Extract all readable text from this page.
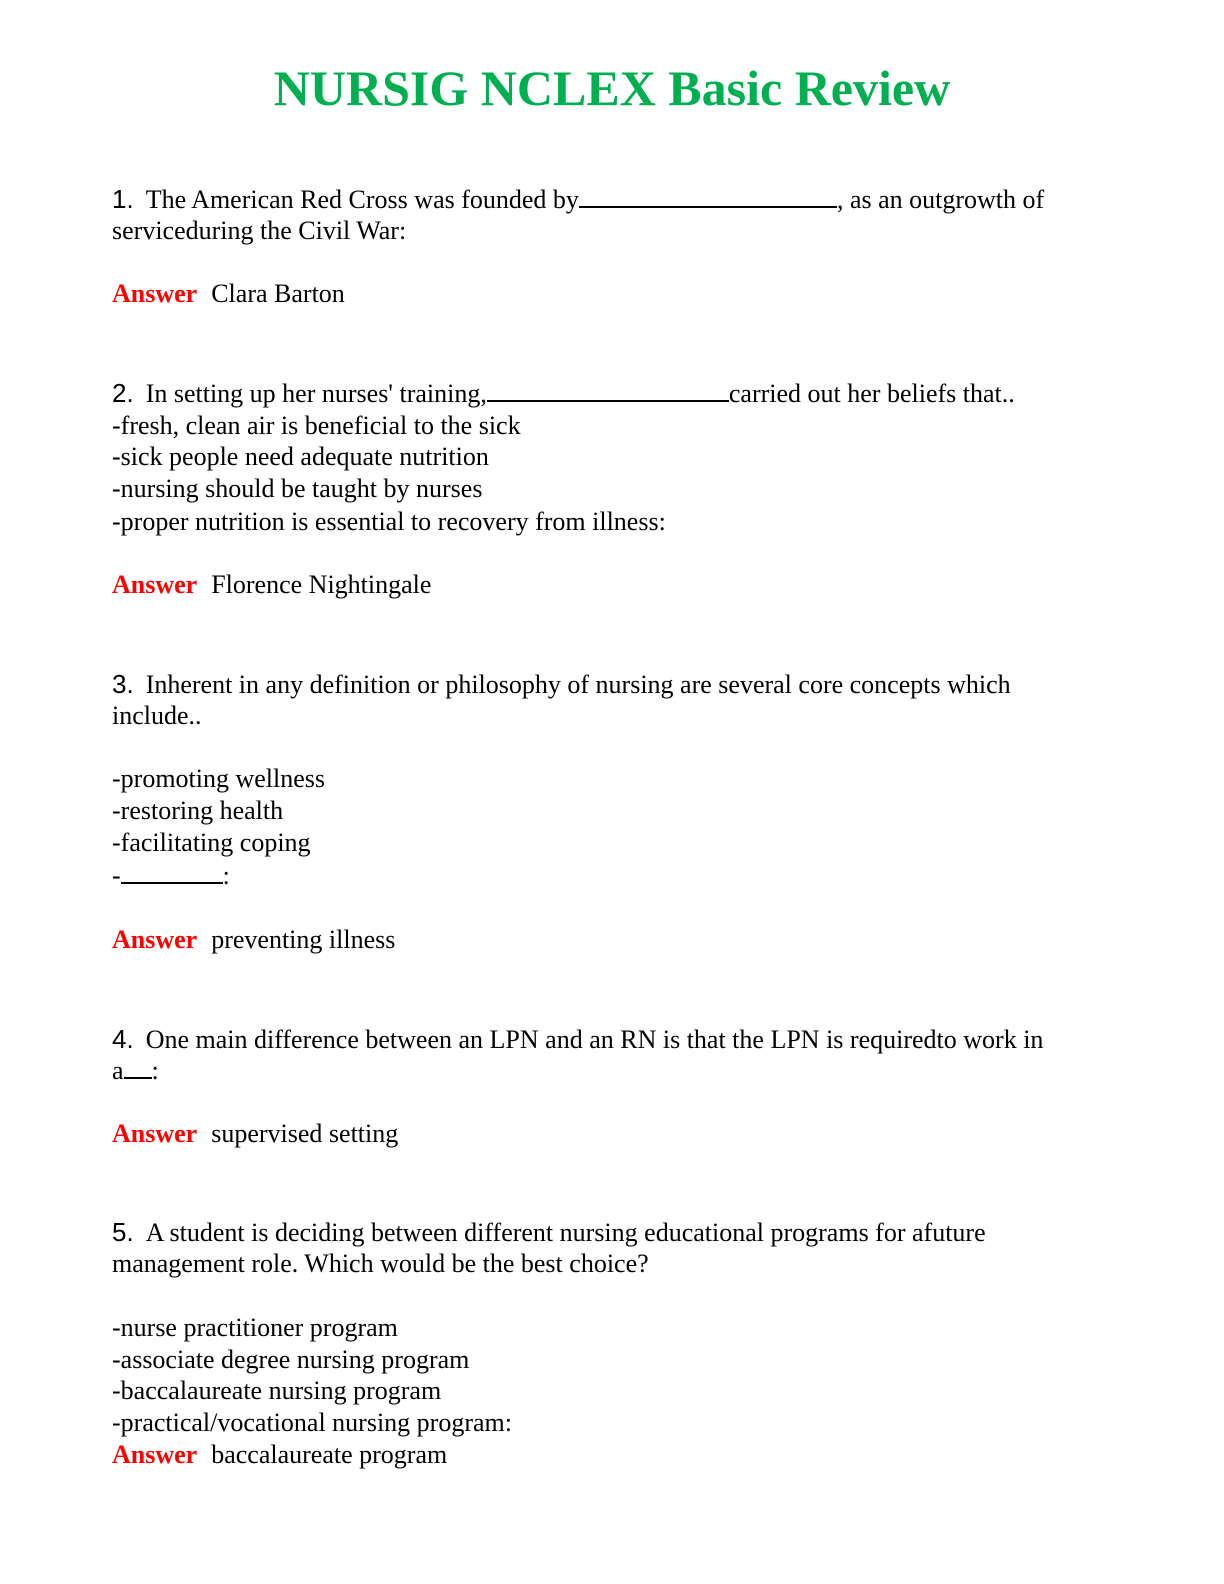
NURSIG NCLEX Basic Review
1. The American Red Cross was founded by	, as an outgrowth of
serviceduring the Civil War:
Answer Clara Barton
2. In setting up her nurses' training,	carried out her beliefs that..
-fresh, clean air is beneficial to the sick
-sick people need adequate nutrition
-nursing should be taught by nurses
-proper nutrition is essential to recovery from illness:
Answer Florence Nightingale
3. Inherent in any definition or philosophy of nursing are several core concepts which
include..
-promoting wellness
-restoring health
-facilitating coping
-	:
Answer preventing illness
4. One main difference between an LPN and an RN is that the LPN is requiredto work in
a :
Answer supervised setting
5. A student is deciding between different nursing educational programs for afuture
management role. Which would be the best choice?
-nurse practitioner program
-associate degree nursing program
-baccalaureate nursing program
-practical/vocational nursing program:
Answer baccalaureate program
